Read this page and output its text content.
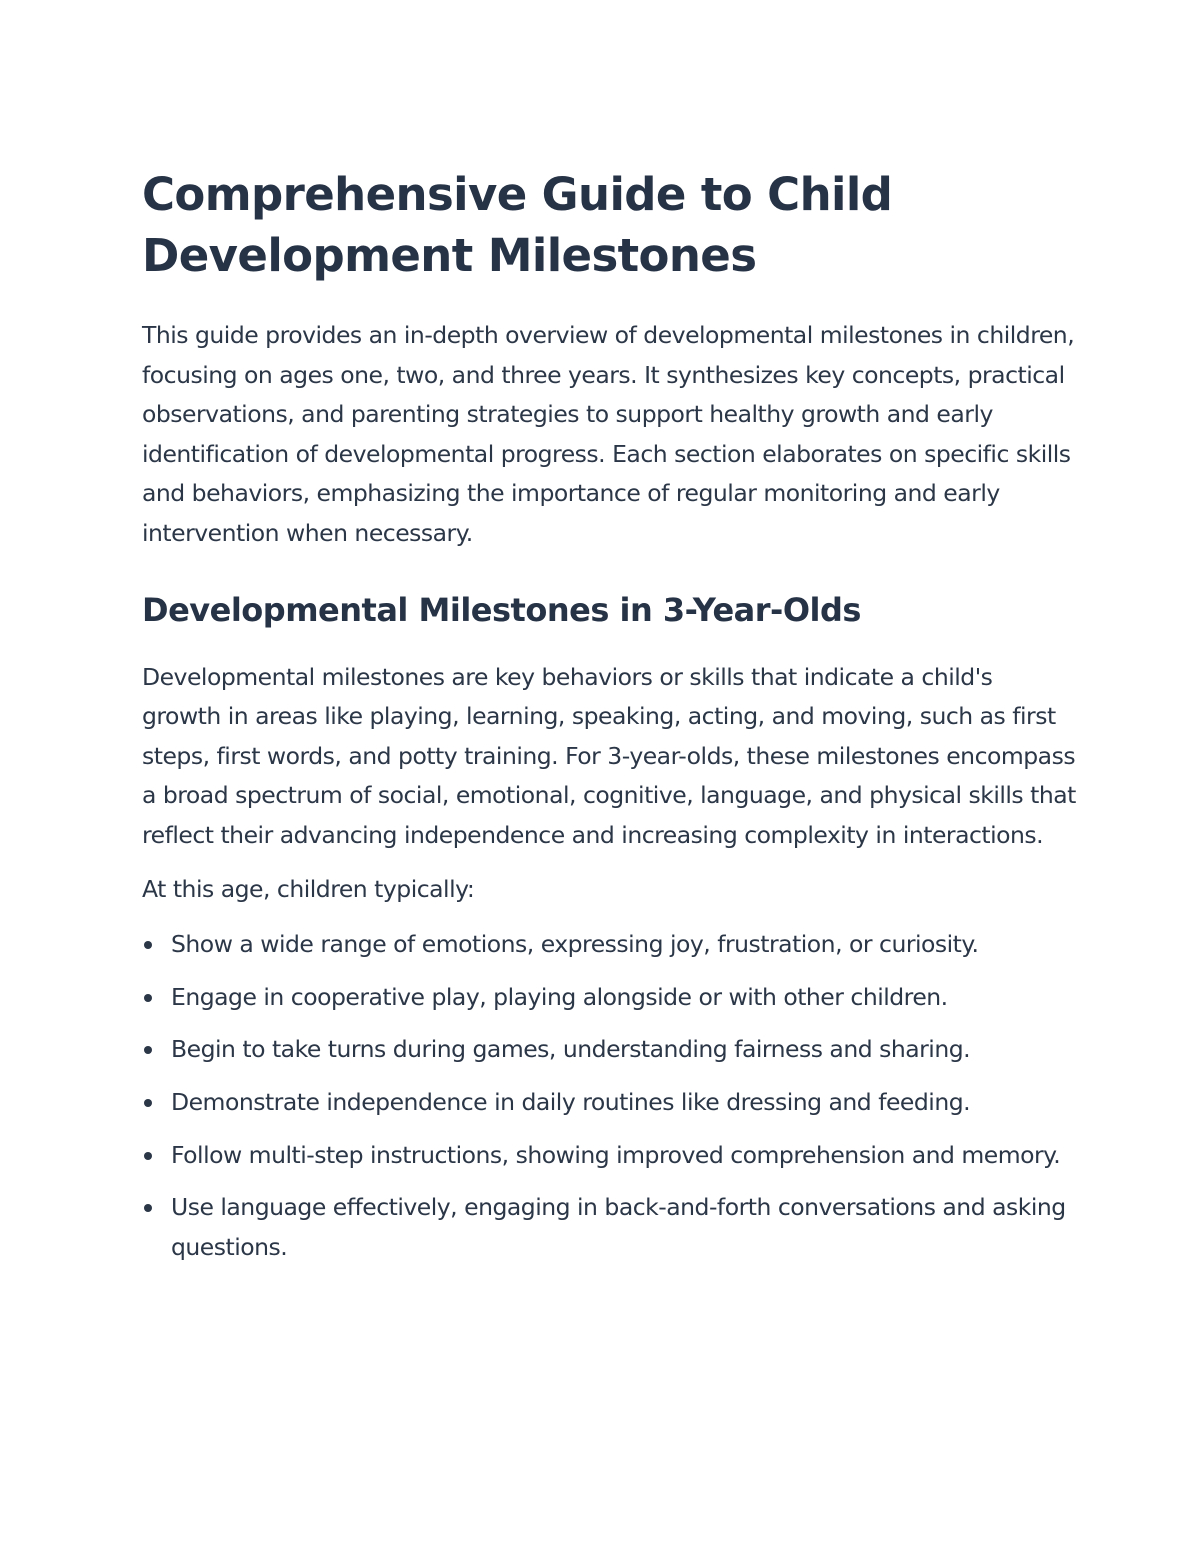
Comprehensive Guide to Child Development Milestones

This guide provides an in-depth overview of developmental milestones in children, focusing on ages one, two, and three years. It synthesizes key concepts, practical observations, and parenting strategies to support healthy growth and early identification of developmental progress. Each section elaborates on specific skills and behaviors, emphasizing the importance of regular monitoring and early intervention when necessary.

Developmental Milestones in 3-Year-Olds

Developmental milestones are key behaviors or skills that indicate a child's growth in areas like playing, learning, speaking, acting, and moving, such as first steps, first words, and potty training. For 3-year-olds, these milestones encompass a broad spectrum of social, emotional, cognitive, language, and physical skills that reflect their advancing independence and increasing complexity in interactions.

At this age, children typically:

Show a wide range of emotions, expressing joy, frustration, or curiosity.
Engage in cooperative play, playing alongside or with other children.
Begin to take turns during games, understanding fairness and sharing.
Demonstrate independence in daily routines like dressing and feeding.
Follow multi-step instructions, showing improved comprehension and memory.
Use language effectively, engaging in back-and-forth conversations and asking questions.
